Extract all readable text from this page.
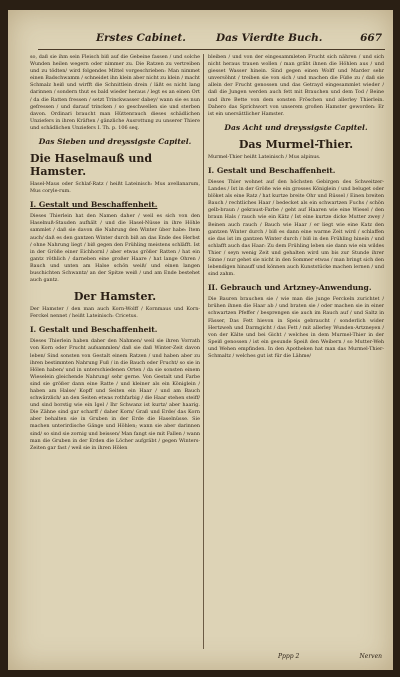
Erstes Cabinet.	Das Vierdte Buch.	667

so, daß sie ihm sein Fleisch biß auf die Gebeine fassen / und solche Wunden heilen wegern oder nimmer zu. Die Ratzen zu vertreiben und zu tödten/ wird folgendes Mittel vorgeschrieben: Man nimmet einen Badschwamm / schneidet ihn klein aber nicht zu klein / macht Schmalz heiß und wirfft die Schnittlein drein / läßt es nicht lang darinnen / sondern thut es bald wieder heraus / legt es an einen Ort / da die Ratten fressen / setzt Trinckwasser dabey/ wann sie es nun gefressen / und darauf trincken / so geschwellen sie und sterben davon. Ordinari braucht man Hüttenrauch dieses schädlichen Unziefers in ihren Kräften / gänzliche Ausrottung zu unserer Thiere und schädlichen Unziefers I. Th. p. 106 seq.

Das Sieben und dreyssigste Capitel.
Die Haselmauß und Hamster.

Hasel-Maus oder Schlaf-Ratz / heißt Lateinisch: Mus avellanarum, Mus coryle-rum.

I. Gestalt und Beschaffenheit.

Dieses Thierlein hat den Namen daher / weil es sich von den Haselnuß-Stauden aufhält / und die Hasel-Nüsse in ihre Höhle sammlet / daß sie davon die Nahrung den Winter über habe: Item auch/ daß es den gantzen Winter durch biß an das Ende des Herbst / ohne Nahrung liegt / biß gegen den Frühling meistens schläfft. Ist in der Größe einer Eichhornl / aber etwas größer Ratten / hat ein gantz röthlich / darneben eine großer Haare / hat lange Ohren / Bauch und unten am Halse schön weiß/ und einen langen buschichten Schwantz/ an der Spitze weiß / und am Ende bestehet auch gantz.

Der Hamster.

Der Hamster / den man auch Korn-Wolff / Kornmaus und Korn-Ferckel nennet / heißt Lateinisch: Cricetus.

I. Gestalt und Beschaffenheit.

Dieses Thierlein haben daher den Nahmen/ weil sie ihren Vorrath von Korn oder Frucht aufsammlen/ daß sie daß Winter-Zeit davon leben/ Sind sonsten von Gestalt einem Ratzen / und haben aber zu ihren bestimmten Nahrung Fuß / in die Bauch oder Frucht/ so sie in Hölen haben/ und in unterschiedenen Orten / da sie sonsten einem Wieselein gleichende Nahrung/ sehr gerne. Von Gestalt und Farbe sind sie größer dann eine Ratte / und kleiner als ein Königlein / haben am Halse/ Kopff und Seiten ein Haar / und am Bauch schwärzlich/ an den Seiten etwas rothfarbig / die Haar stehen steiff/ und sind borstig wie ein Igel / Ihr Schwanz ist kurtz/ aber haarig. Die Zähne sind gar scharff / daher Korn/ Graß und Erde/ das Korn aber behalten sie in Gruben in der Erde die Haselnüsse. Sie machen unterirdische Gänge und Höhlen; wann sie aber darinnen sind/ so sind sie zornig und beissen/ Man fangt sie mit Fallen / wann man die Gruben in der Erden die Löcher aufgräbt / gegen Winters-Zeiten gar fast / weil sie in ihren Hölen

bleiben / und von der eingesammleten Frucht sich nähren / und sich nicht heraus trauen wollen / man gräbt ihnen die Höhlen aus / und giesset Wasser hinein. Sind gegen einen Wolff und Marder sehr unversöhnt / treiben sie von sich / und machen die Füße zu / daß sie allein der Frucht genossen und das Getrayd eingesammlet wieder / daß die Jungen werden auch fett mit Brauchen und dem Tod / Beine und ihre Bette von dem sonsten Fröschen und allerley Thierlein. Dahero das Sprichwort von unserem großen Hamster geworden: Er ist ein unersättlicher Hamster.

Das Acht und dreyssigste Capitel.
Das Murmel-Thier.

Murmel-Thier heißt Lateinisch / Mus alpinus.

I. Gestalt und Beschaffenheit.

Dieses Thier wohnet auf den höchsten Gebirgen des Schweitzer-Landes / Ist in der Größe wie ein grosses Königlein / und beluget oder blöket als eine Ratz / hat kurtze breite Ohr und Rüssel / Einen breiten Bauch / rechtliches Haar / bedecket als ein schwartzen Fuchs / schön gelb-braun / gekraust-Farbe / geht auf Haaren wie eine Wiesel / den braun Hals / rauch wie ein Kätz / Ist eine kurtze dicke Mutter zwey / Beinen auch rauch / Bauch wie Haar / er liegt wie eine Katz den gantzen Winter durch / biß es dann eine warme Zeit wird / schlaffen sie das ist im gantzen Winter durch / biß in den Frühling hinein / und schlafft auch das Haar: Zu dem Frühling leben sie dann wie ein wildes Thier / seyn wenig Zeit und gehalten wird um bis zur Stunde ihrer Sinne / nur gehet sie nicht in den Sommer etwas / man bringt sich den lebendigen hinauff und können auch Kunststücke machen lernen / und sind zahm.

II. Gebrauch und Artzney-Anwendung.

Die Bauren brauchen sie / wie man die junge Ferckeln zurichtet / brühen ihnen die Haar ab / und braten sie / oder machen sie in einer schwartzen Pfeffer / besprengen sie auch im Rauch auf / und Saltz in Fässer, Das Fett hievon in Speis gebraucht / sonderlich wider Hertzweh und Darmgicht / das Fett / mit allerley Wunden-Artzneyen / von der Kälte und bei Gicht / welches in dem Murmel-Thier in der Speiß genossen / ist ein gesunde Speiß den Weibern / so Mutter-Weh und Wehen empfinden. In den Apotheken hat man das Murmel-Thier-Schmaltz / welches gut ist für die Lähme/

Pppp 2	Nerven
